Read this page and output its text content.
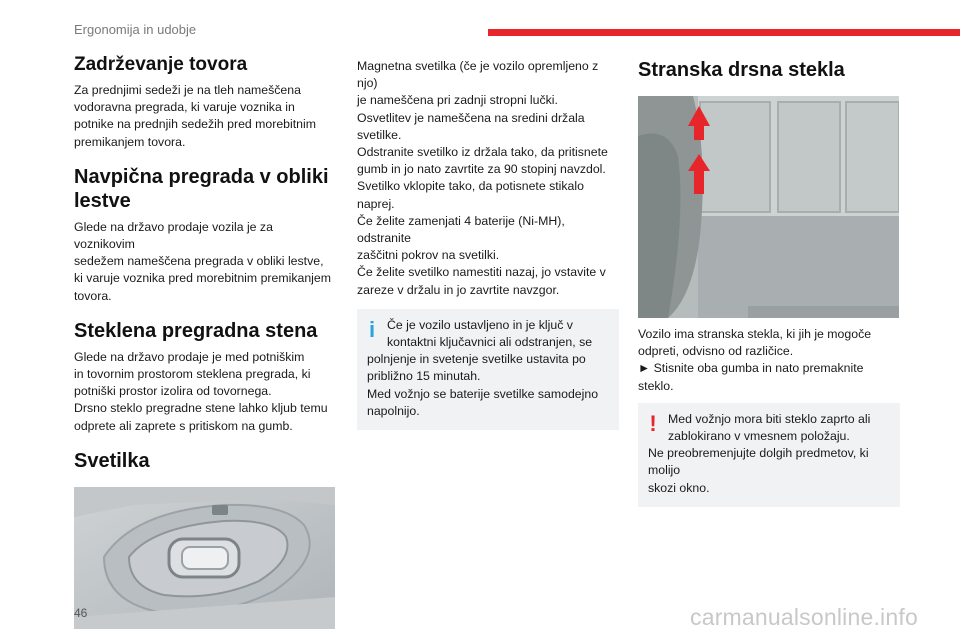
Ergonomija in udobje
Zadrževanje tovora

Za prednjimi sedeži je na tleh nameščena
vodoravna pregrada, ki varuje voznika in
potnike na prednjih sedežih pred morebitnim
premikanjem tovora.

Navpična pregrada v obliki lestve

Glede na državo prodaje vozila je za voznikovim
sedežem nameščena pregrada v obliki lestve,
ki varuje voznika pred morebitnim premikanjem
tovora.

Steklena pregradna stena

Glede na državo prodaje je med potniškim
in tovornim prostorom steklena pregrada, ki
potniški prostor izolira od tovornega.
Drsno steklo pregradne stene lahko kljub temu
odprete ali zaprete s pritiskom na gumb.

Svetilka

Magnetna svetilka (če je vozilo opremljeno z njo)
je nameščena pri zadnji stropni lučki.
Osvetlitev je nameščena na sredini držala
svetilke.
Odstranite svetilko iz držala tako, da pritisnete
gumb in jo nato zavrtite za 90 stopinj navzdol.
Svetilko vklopite tako, da potisnete stikalo
naprej.
Če želite zamenjati 4 baterije (Ni-MH), odstranite
zaščitni pokrov na svetilki.
Če želite svetilko namestiti nazaj, jo vstavite v
zareze v držalu in jo zavrtite navzgor.

i Če je vozilo ustavljeno in je ključ v
kontaktni ključavnici ali odstranjen, se

polnjenje in svetenje svetilke ustavita po
približno 15 minutah.
Med vožnjo se baterije svetilke samodejno
napolnijo.

Stranska drsna stekla

Vozilo ima stranska stekla, ki jih je mogoče
odpreti, odvisno od različice.
► Stisnite oba gumba in nato premaknite steklo.

! Med vožnjo mora biti steklo zaprto ali
zablokirano v vmesnem položaju.

Ne preobremenjujte dolgih predmetov, ki molijo
skozi okno.

46	carmanualsonline.info
